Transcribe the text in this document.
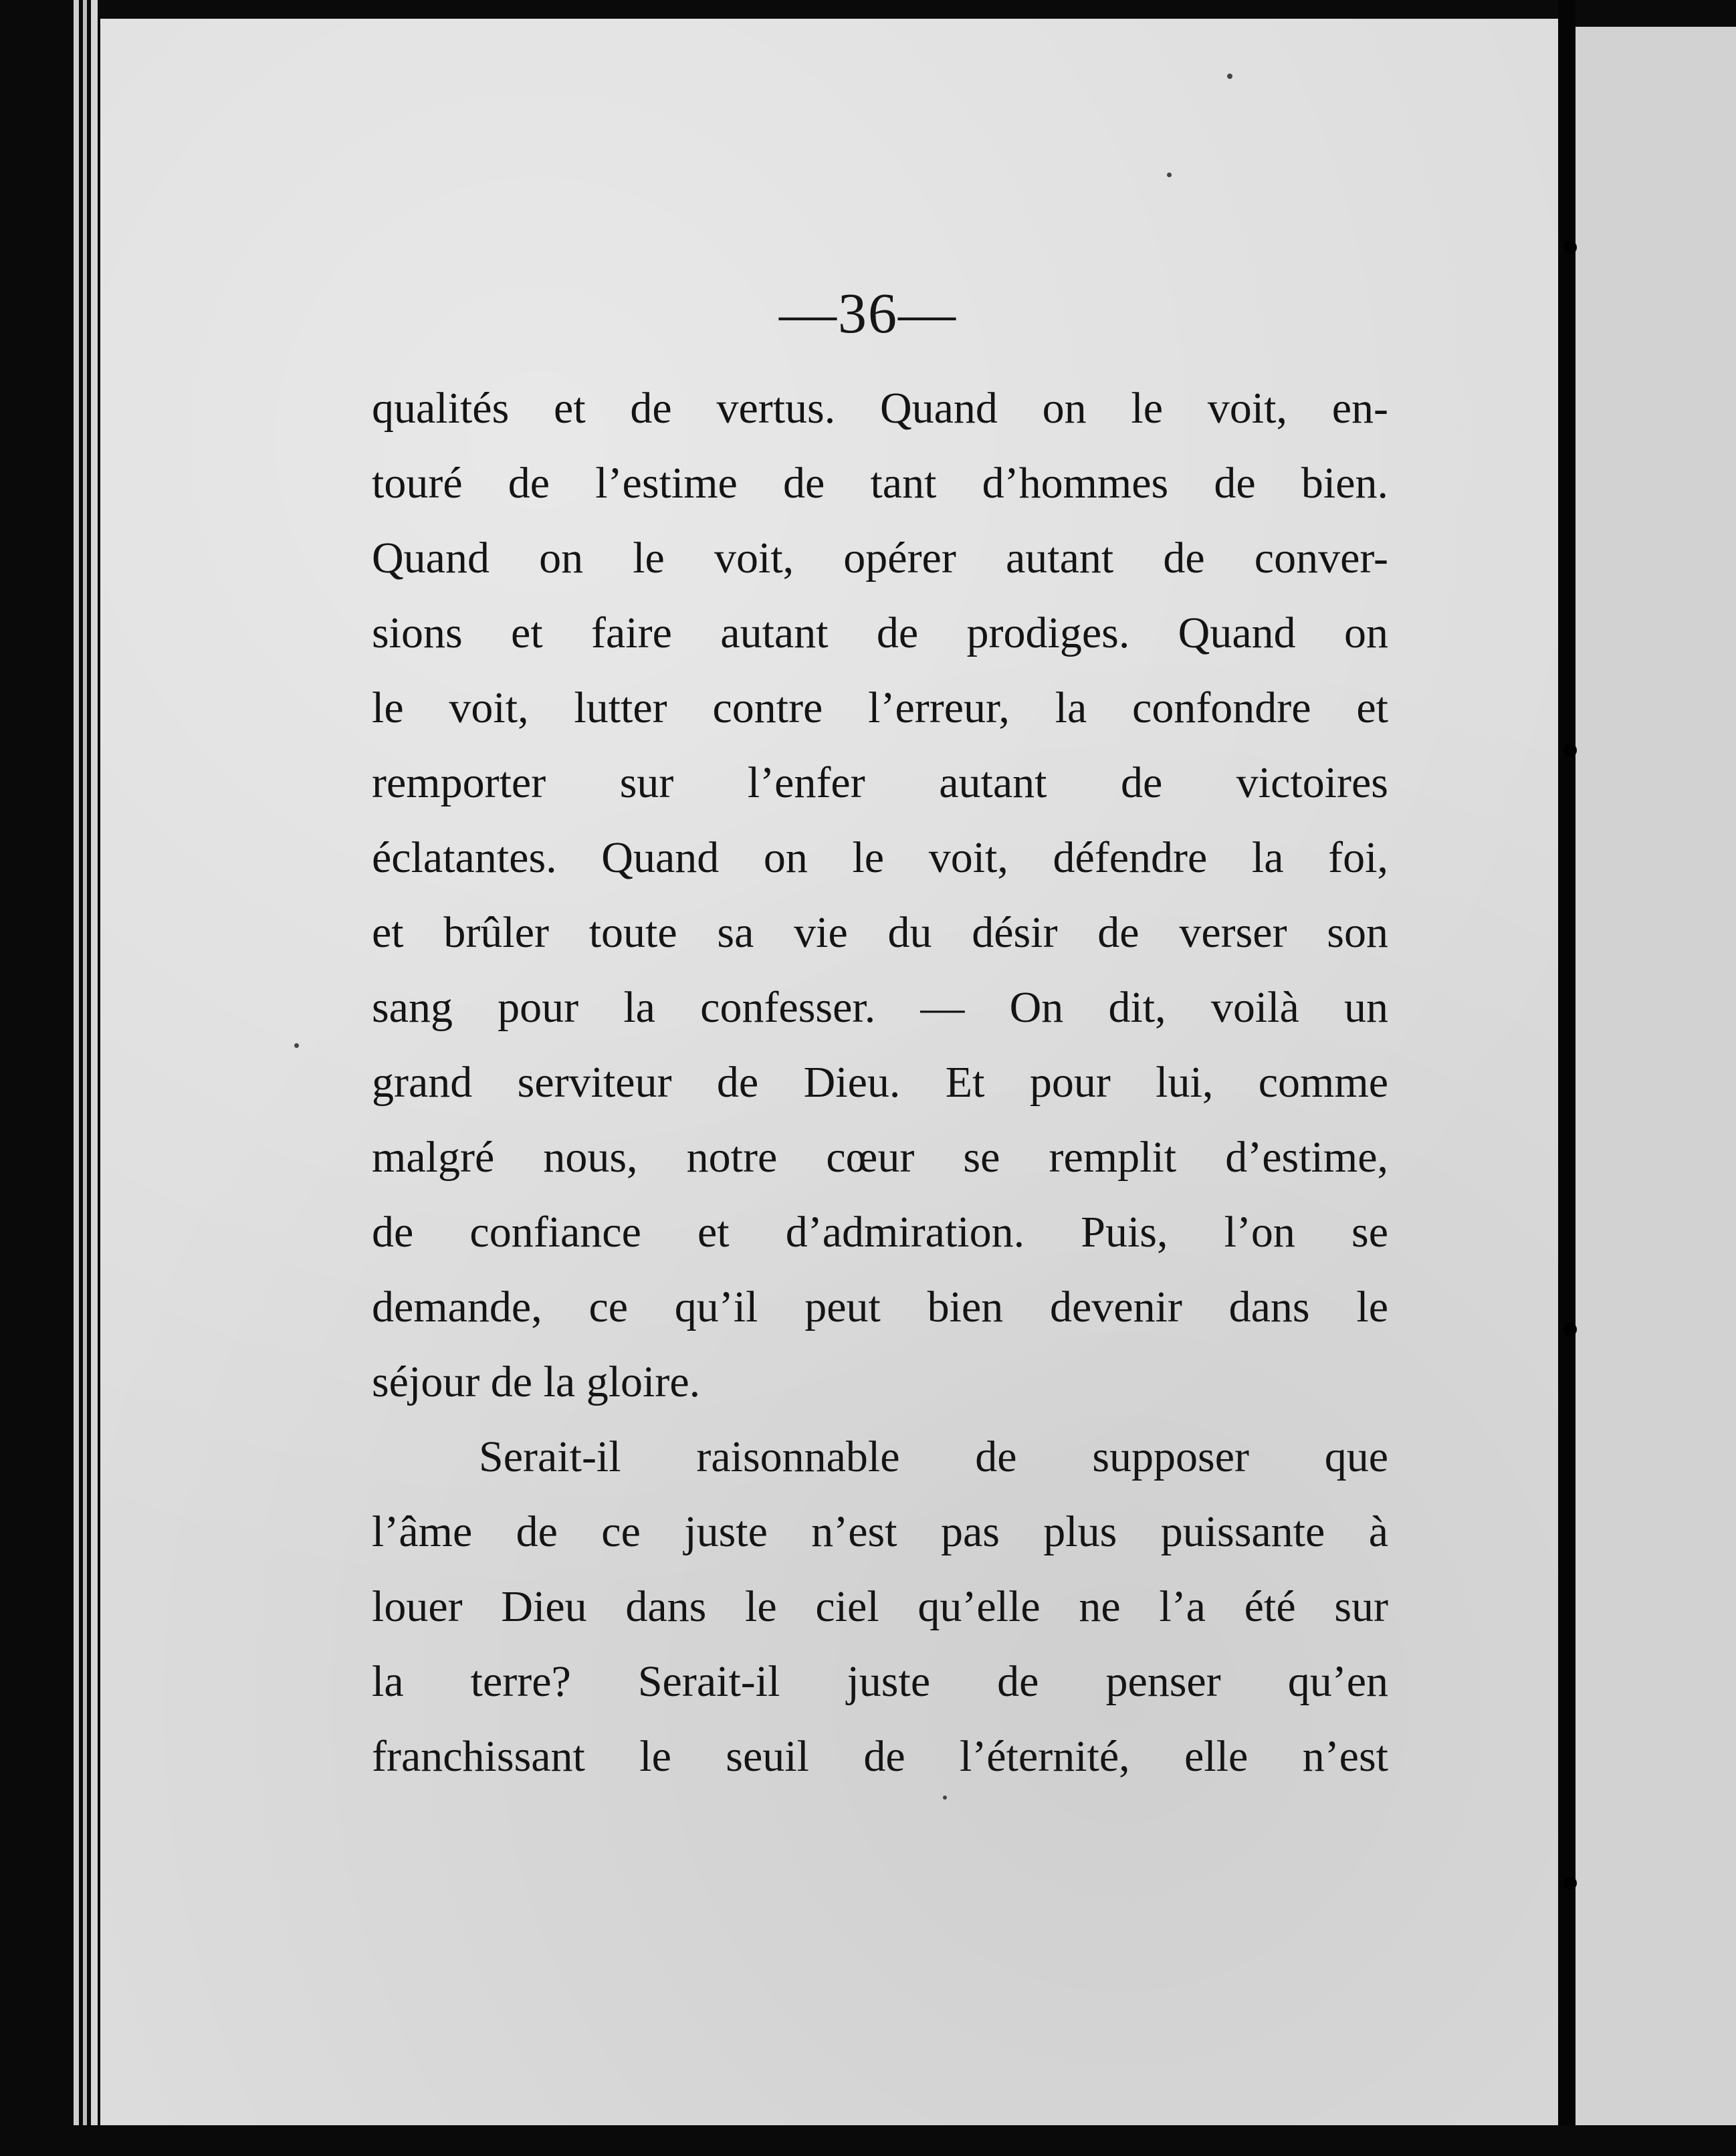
—36—

qualités et de vertus. Quand on le voit, en-
touré de l’estime de tant d’hommes de bien.
Quand on le voit, opérer autant de conver-
sions et faire autant de prodiges. Quand on
le voit, lutter contre l’erreur, la confondre et
remporter sur l’enfer autant de victoires
éclatantes. Quand on le voit, défendre la foi,
et brûler toute sa vie du désir de verser son
sang pour la confesser. — On dit, voilà un
grand serviteur de Dieu. Et pour lui, comme
malgré nous, notre cœur se remplit d’estime,
de confiance et d’admiration. Puis, l’on se
demande, ce qu’il peut bien devenir dans le
séjour de la gloire.

Serait-il raisonnable de supposer que
l’âme de ce juste n’est pas plus puissante à
louer Dieu dans le ciel qu’elle ne l’a été sur
la terre? Serait-il juste de penser qu’en
franchissant le seuil de l’éternité, elle n’est
